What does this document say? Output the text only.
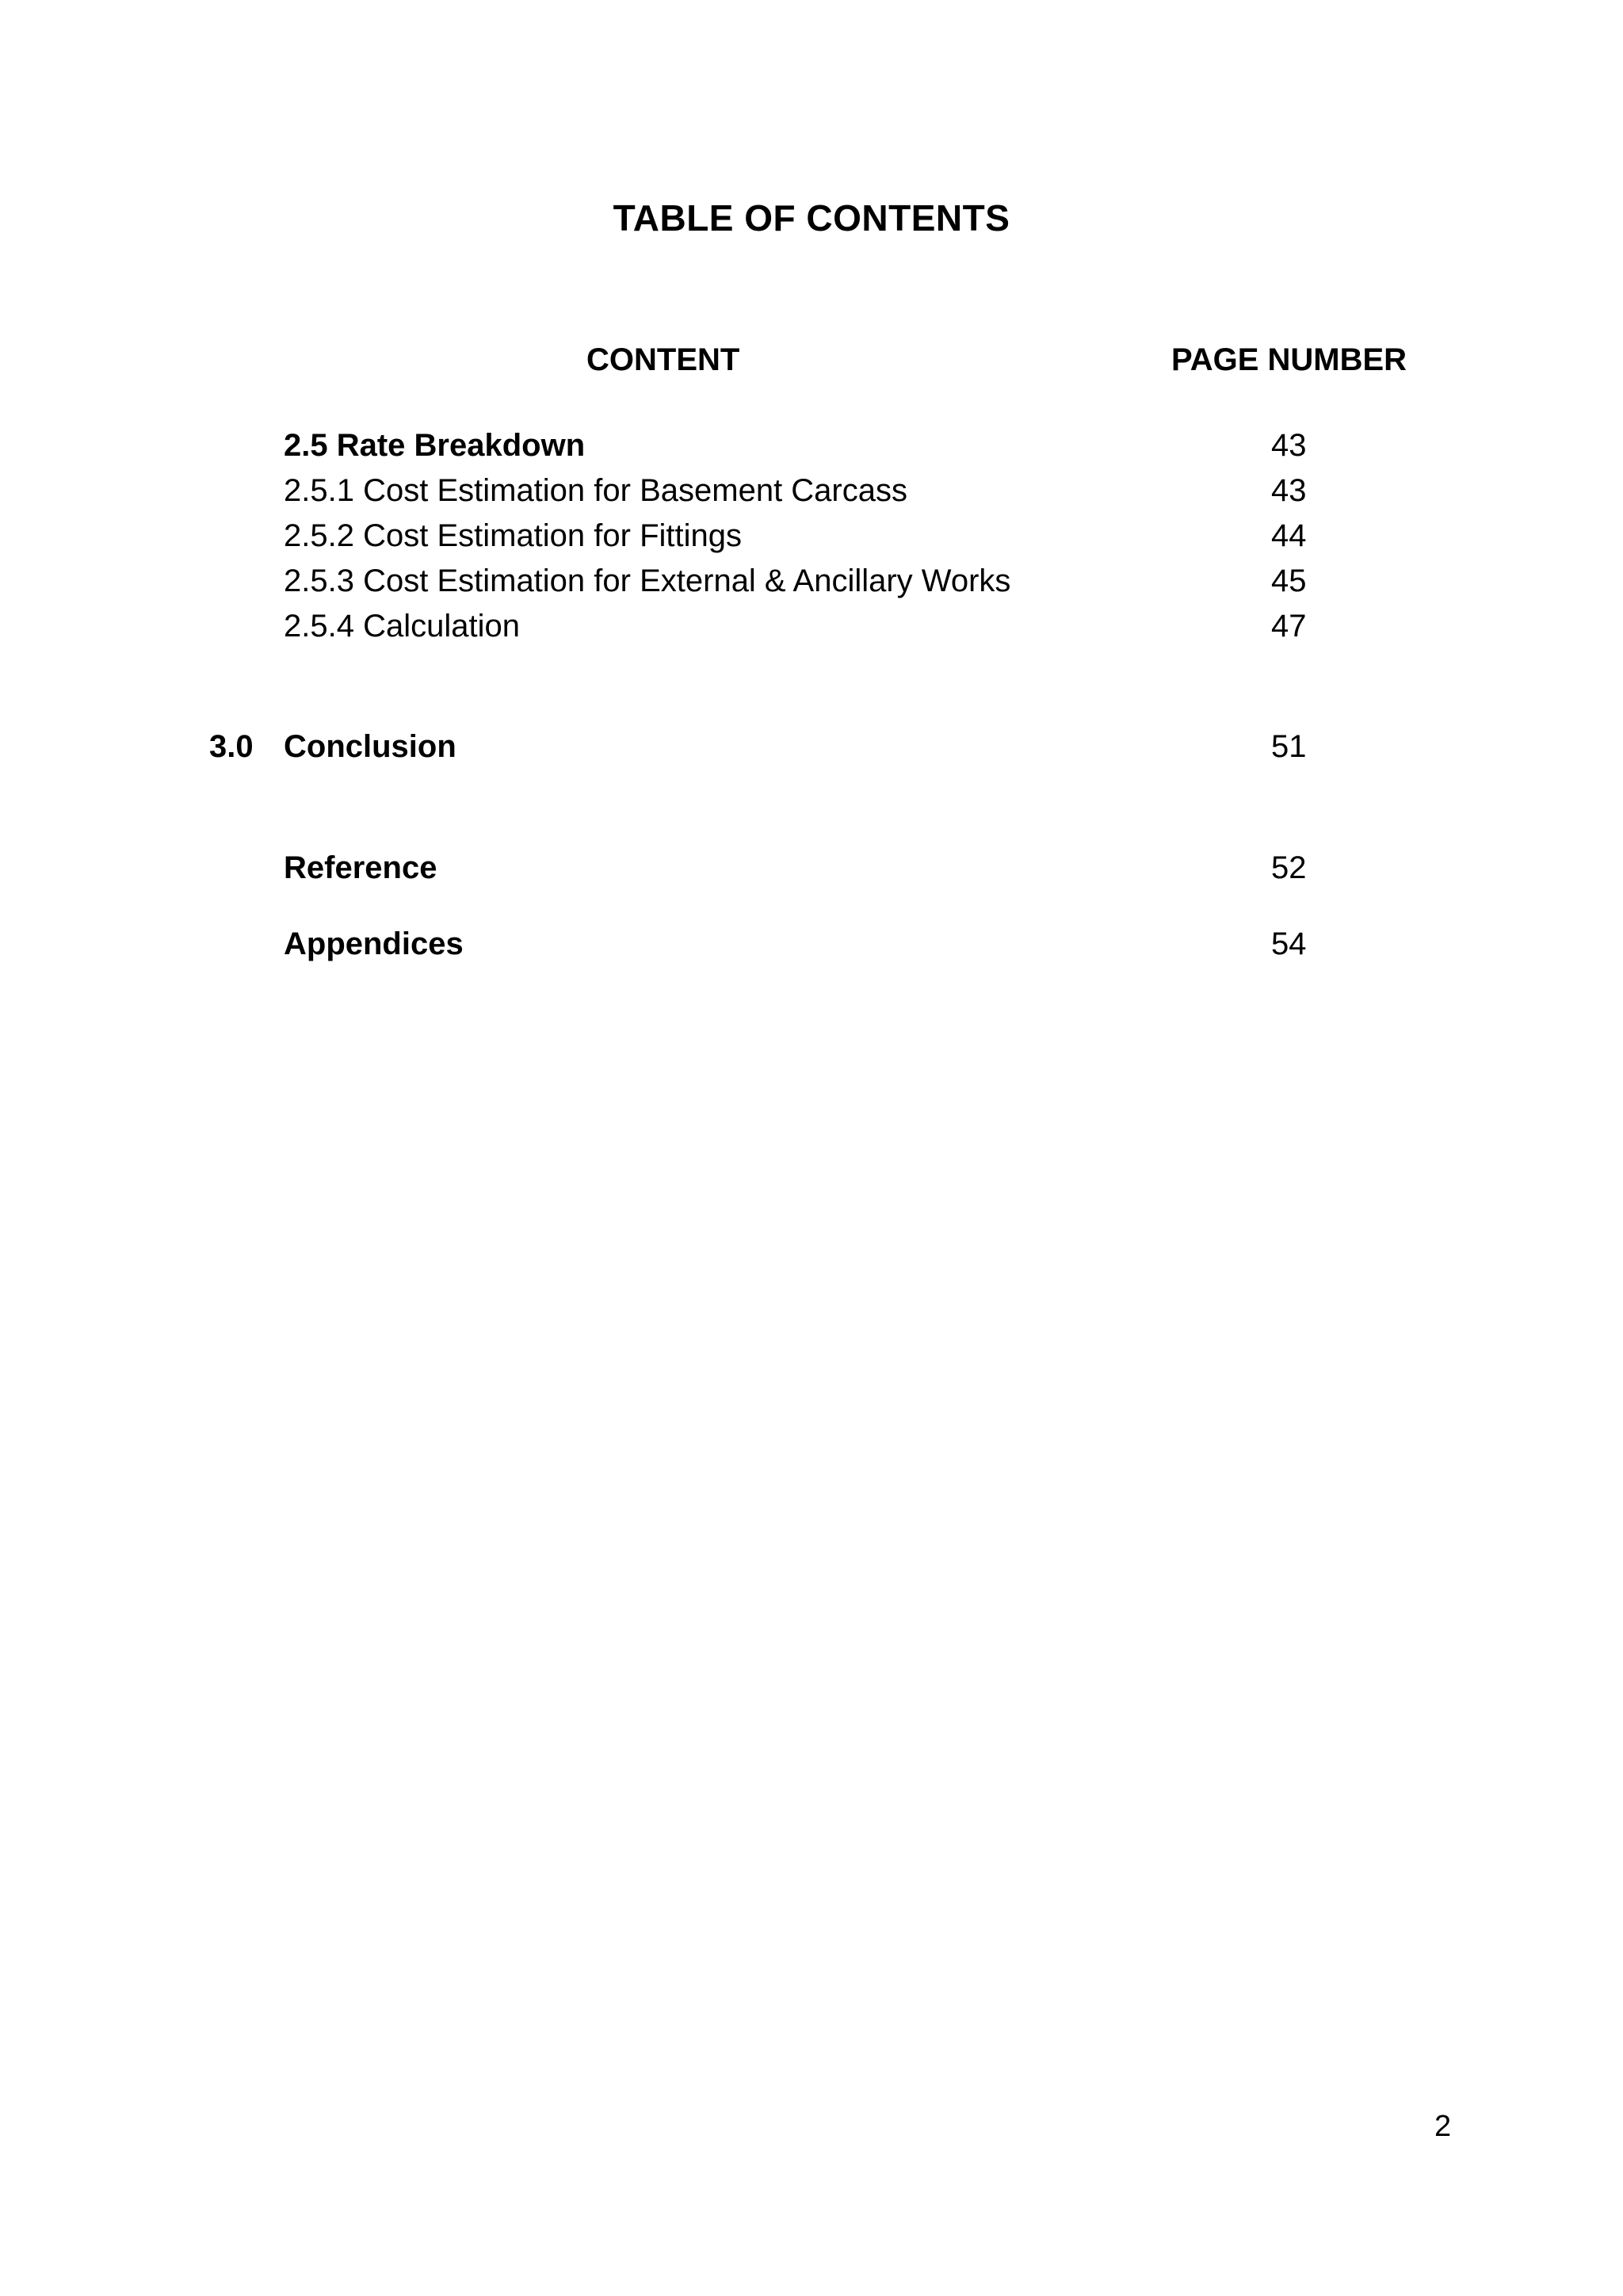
TABLE OF CONTENTS
CONTENT	PAGE NUMBER
2.5 Rate Breakdown	43
2.5.1 Cost Estimation for Basement Carcass	43
2.5.2 Cost Estimation for Fittings	44
2.5.3 Cost Estimation for External & Ancillary Works	45
2.5.4 Calculation	47
3.0 Conclusion	51
Reference	52
Appendices	54
2
